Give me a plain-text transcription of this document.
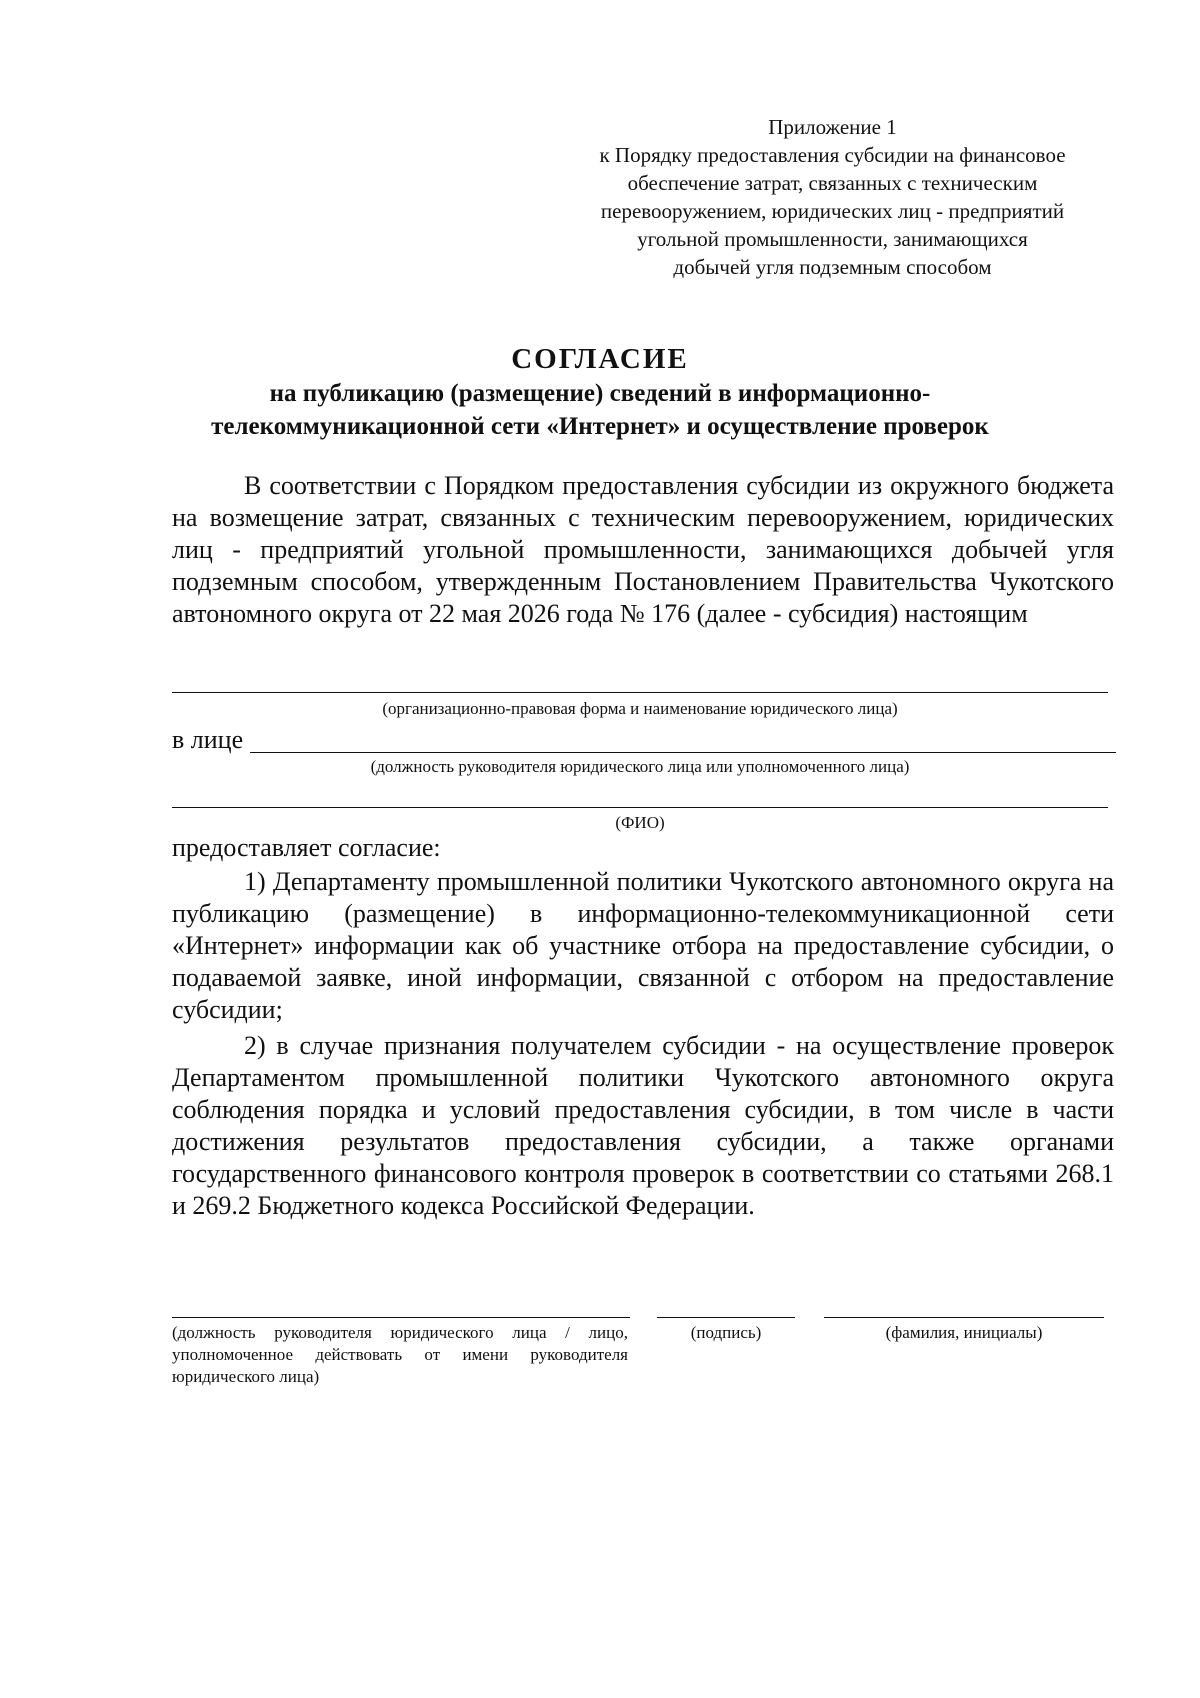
Приложение 1
к Порядку предоставления субсидии на финансовое
обеспечение затрат, связанных с техническим
перевооружением, юридических лиц - предприятий
угольной промышленности, занимающихся
добычей угля подземным способом
СОГЛАСИЕ
на публикацию (размещение) сведений в информационно-
телекоммуникационной сети «Интернет» и осуществление проверок
В соответствии с Порядком предоставления субсидии из окружного бюджета на возмещение затрат, связанных с техническим перевооружением, юридических лиц - предприятий угольной промышленности, занимающихся добычей угля подземным способом, утвержденным Постановлением Правительства Чукотского автономного округа от 22 мая 2026 года № 176 (далее - субсидия) настоящим
(организационно-правовая форма и наименование юридического лица)
в лице
(должность руководителя юридического лица или уполномоченного лица)
(ФИО)
предоставляет согласие:
1) Департаменту промышленной политики Чукотского автономного округа на публикацию (размещение) в информационно-телекоммуникационной сети «Интернет» информации как об участнике отбора на предоставление субсидии, о подаваемой заявке, иной информации, связанной с отбором на предоставление субсидии;
2) в случае признания получателем субсидии - на осуществление проверок Департаментом промышленной политики Чукотского автономного округа соблюдения порядка и условий предоставления субсидии, в том числе в части достижения результатов предоставления субсидии, а также органами государственного финансового контроля проверок в соответствии со статьями 268.1 и 269.2 Бюджетного кодекса Российской Федерации.
(должность руководителя юридического лица / лицо, уполномоченное действовать от имени руководителя юридического лица)
(подпись)	(фамилия, инициалы)
